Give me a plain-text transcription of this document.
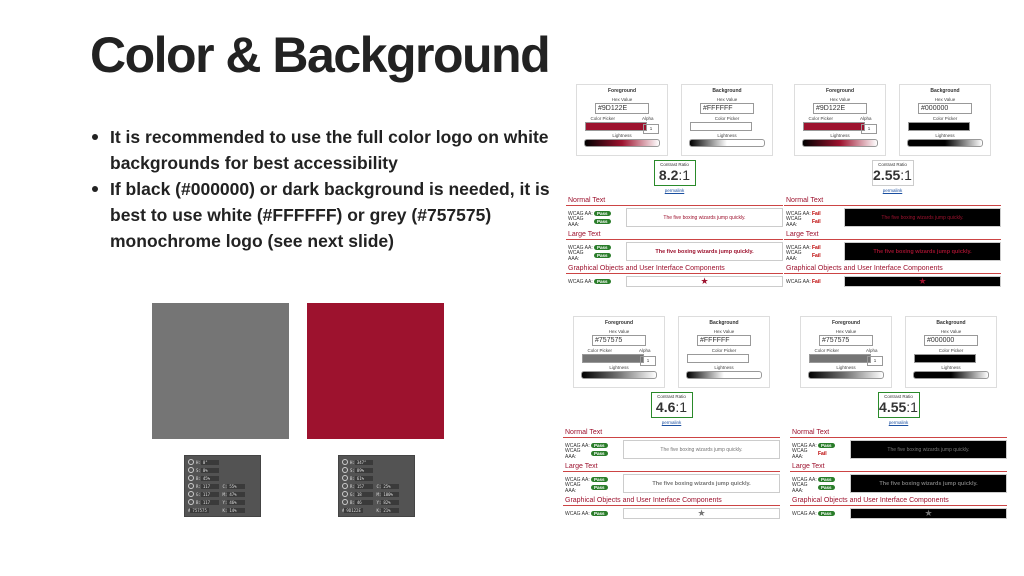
Color & Background
It is recommended to use the full color logo on white backgrounds for best accessibility
If black (#000000) or dark background is needed, it is best to use white (#FFFFFF) or grey (#757575) monochrome logo (see next slide)
H: 0°
S: 0%
B: 45%
R: 117	C: 55%
G: 117	M: 47%
B: 117	Y: 46%
# 757575	K: 14%
H: 347°
S: 89%
B: 61%
R: 157	C: 25%
G: 18	M: 100%
B: 46	Y: 82%
# 9D122E	K: 21%
Foreground
Hex Value
#9D122E
Color Picker	Alpha
1
Lightness
Background
Hex Value
#FFFFFF
Color Picker
Lightness
Contrast Ratio
8.2:1
permalink
Normal Text
WCAG AA: Pass
WCAG AAA:	Pass
The five boxing wizards jump quickly.
Large Text
WCAG AA: Pass
WCAG AAA:	Pass
The five boxing wizards jump quickly.
Graphical Objects and User Interface Components
WCAG AA: Pass	★
Foreground
Hex Value
#9D122E
Color Picker	Alpha
1
Lightness
Background
Hex Value
#000000
Color Picker
Lightness
Contrast Ratio
2.55:1
permalink
Normal Text
WCAG AA: Fail
WCAG AAA:	Fail
The five boxing wizards jump quickly.
Large Text
WCAG AA: Fail
WCAG AAA:	Fail
The five boxing wizards jump quickly.
Graphical Objects and User Interface Components
WCAG AA: Fail	★
Foreground
Hex Value
#757575
Color Picker	Alpha
1
Lightness
Background
Hex Value
#FFFFFF
Color Picker
Lightness
Contrast Ratio
4.6:1
permalink
Normal Text
WCAG AA: Pass
WCAG AAA:	Pass
The five boxing wizards jump quickly.
Large Text
WCAG AA: Pass
WCAG AAA:	Pass
The five boxing wizards jump quickly.
Graphical Objects and User Interface Components
WCAG AA: Pass	★
Foreground
Hex Value
#757575
Color Picker	Alpha
1
Lightness
Background
Hex Value
#000000
Color Picker
Lightness
Contrast Ratio
4.55:1
permalink
Normal Text
WCAG AA: Pass
WCAG AAA:	Fail
The five boxing wizards jump quickly.
Large Text
WCAG AA: Pass
WCAG AAA:	Pass
The five boxing wizards jump quickly.
Graphical Objects and User Interface Components
WCAG AA: Pass	★
